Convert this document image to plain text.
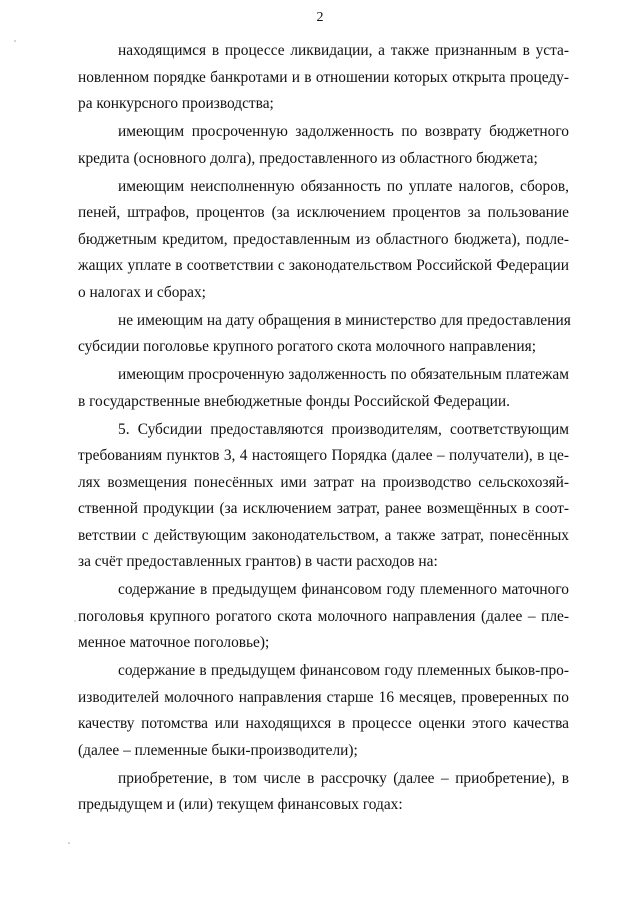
2
находящимся в процессе ликвидации, а также признанным в уста-
новленном порядке банкротами и в отношении которых открыта процеду-
ра конкурсного производства;
имеющим просроченную задолженность по возврату бюджетного
кредита (основного долга), предоставленного из областного бюджета;
имеющим неисполненную обязанность по уплате налогов, сборов,
пеней, штрафов, процентов (за исключением процентов за пользование
бюджетным кредитом, предоставленным из областного бюджета), подле-
жащих уплате в соответствии с законодательством Российской Федерации
о налогах и сборах;
не имеющим на дату обращения в министерство для предоставления
субсидии поголовье крупного рогатого скота молочного направления;
имеющим просроченную задолженность по обязательным платежам
в государственные внебюджетные фонды Российской Федерации.
5. Субсидии предоставляются производителям, соответствующим
требованиям пунктов 3, 4 настоящего Порядка (далее – получатели), в це-
лях возмещения понесённых ими затрат на производство сельскохозяй-
ственной продукции (за исключением затрат, ранее возмещённых в соот-
ветствии с действующим законодательством, а также затрат, понесённых
за счёт предоставленных грантов) в части расходов на:
содержание в предыдущем финансовом году племенного маточного
поголовья крупного рогатого скота молочного направления (далее – пле-
менное маточное поголовье);
содержание в предыдущем финансовом году племенных быков-про-
изводителей молочного направления старше 16 месяцев, проверенных по
качеству потомства или находящихся в процессе оценки этого качества
(далее – племенные быки-производители);
приобретение, в том числе в рассрочку (далее – приобретение), в
предыдущем и (или) текущем финансовых годах:
